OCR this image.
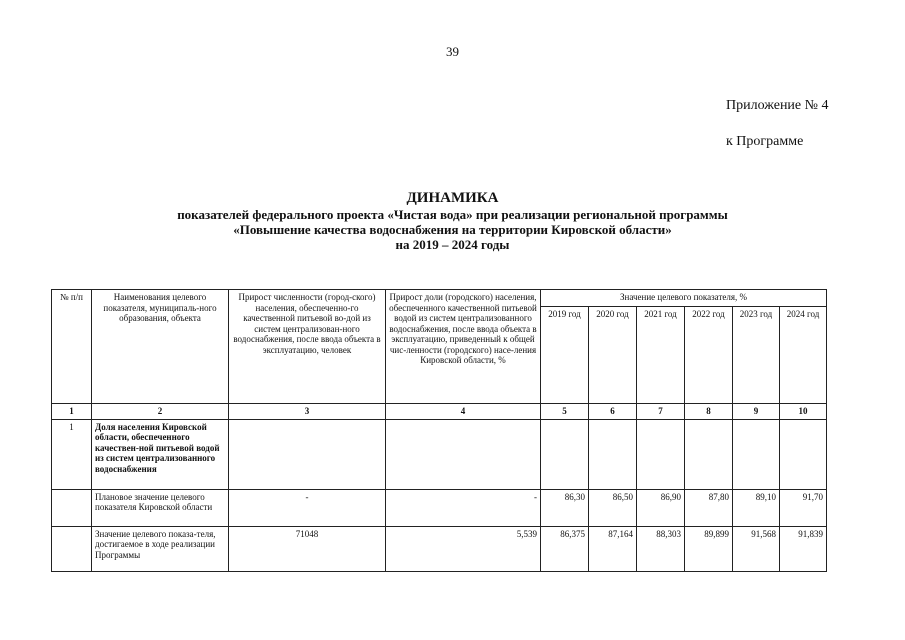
39
Приложение № 4
к Программе
ДИНАМИКА
показателей федерального проекта «Чистая вода» при реализации региональной программы
«Повышение качества водоснабжения на территории Кировской области»
на 2019 – 2024 годы
№ п/п	Наименования целевого показателя, муниципаль-ного образования, объекта	Прирост численности (город-ского) населения, обеспеченно-го качественной питьевой во-дой из систем централизован-ного водоснабжения, после ввода объекта в эксплуатацию, человек	Прирост доли (городского) населения, обеспеченного качественной питьевой водой из систем централизованного водоснабжения, после ввода объекта в эксплуатацию, приведенный к общей чис-ленности (городского) насе-ления Кировской области, %	Значение целевого показателя, %					
				2019 год	2020 год	2021 год	2022 год	2023 год	2024 год
1	2	3	4	5	6	7	8	9	10
1	Доля населения Кировской области, обеспеченного качествен-ной питьевой водой из систем централизованного водоснабжения								
	Плановое значение целевого показателя Кировской области	-	-	86,30	86,50	86,90	87,80	89,10	91,70
	Значение целевого показа-теля, достигаемое в ходе реализации Программы	71048	5,539	86,375	87,164	88,303	89,899	91,568	91,839
